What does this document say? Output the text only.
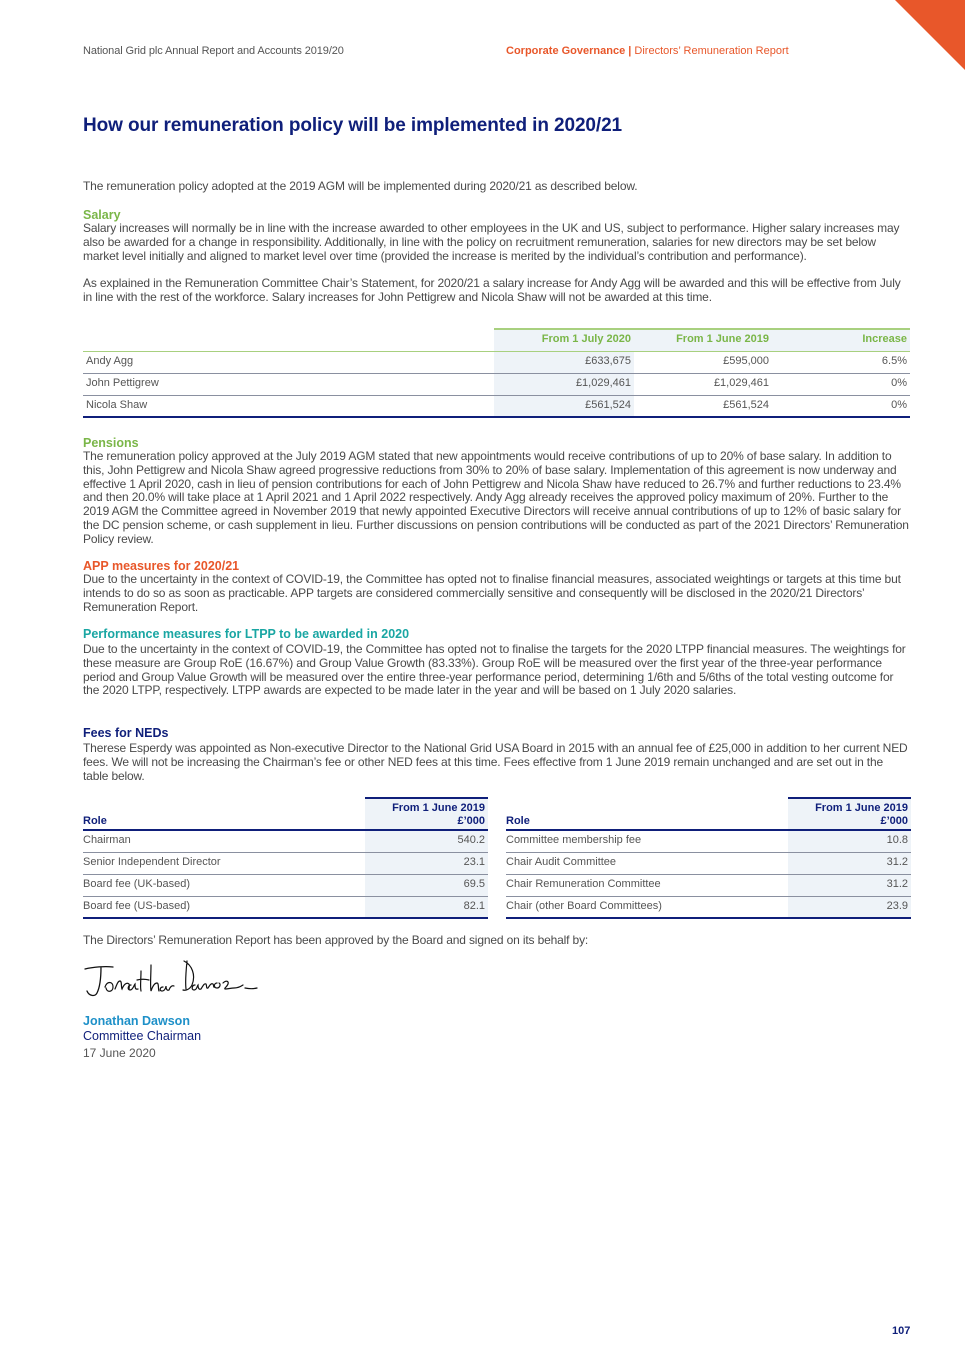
National Grid plc Annual Report and Accounts 2019/20	Corporate Governance | Directors’ Remuneration Report
How our remuneration policy will be implemented in 2020/21
The remuneration policy adopted at the 2019 AGM will be implemented during 2020/21 as described below.
Salary
Salary increases will normally be in line with the increase awarded to other employees in the UK and US, subject to performance. Higher salary increases may also be awarded for a change in responsibility. Additionally, in line with the policy on recruitment remuneration, salaries for new directors may be set below market level initially and aligned to market level over time (provided the increase is merited by the individual’s contribution and performance).
As explained in the Remuneration Committee Chair’s Statement, for 2020/21 a salary increase for Andy Agg will be awarded and this will be effective from July in line with the rest of the workforce. Salary increases for John Pettigrew and Nicola Shaw will not be awarded at this time.
	From 1 July 2020	From 1 June 2019	Increase
Andy Agg	£633,675	£595,000	6.5%
John Pettigrew	£1,029,461	£1,029,461	0%
Nicola Shaw	£561,524	£561,524	0%
Pensions
The remuneration policy approved at the July 2019 AGM stated that new appointments would receive contributions of up to 20% of base salary. In addition to this, John Pettigrew and Nicola Shaw agreed progressive reductions from 30% to 20% of base salary. Implementation of this agreement is now underway and effective 1 April 2020, cash in lieu of pension contributions for each of John Pettigrew and Nicola Shaw have reduced to 26.7% and further reductions to 23.4% and then 20.0% will take place at 1 April 2021 and 1 April 2022 respectively. Andy Agg already receives the approved policy maximum of 20%. Further to the 2019 AGM the Committee agreed in November 2019 that newly appointed Executive Directors will receive annual contributions of up to 12% of basic salary for the DC pension scheme, or cash supplement in lieu. Further discussions on pension contributions will be conducted as part of the 2021 Directors’ Remuneration Policy review.
APP measures for 2020/21
Due to the uncertainty in the context of COVID-19, the Committee has opted not to finalise financial measures, associated weightings or targets at this time but intends to do so as soon as practicable. APP targets are considered commercially sensitive and consequently will be disclosed in the 2020/21 Directors’ Remuneration Report.
Performance measures for LTPP to be awarded in 2020
Due to the uncertainty in the context of COVID-19, the Committee has opted not to finalise the targets for the 2020 LTPP financial measures. The weightings for these measure are Group RoE (16.67%) and Group Value Growth (83.33%). Group RoE will be measured over the first year of the three-year performance period and Group Value Growth will be measured over the entire three-year performance period, determining 1/6th and 5/6ths of the total vesting outcome for the 2020 LTPP, respectively. LTPP awards are expected to be made later in the year and will be based on 1 July 2020 salaries.
Fees for NEDs
Therese Esperdy was appointed as Non-executive Director to the National Grid USA Board in 2015 with an annual fee of £25,000 in addition to her current NED fees. We will not be increasing the Chairman’s fee or other NED fees at this time. Fees effective from 1 June 2019 remain unchanged and are set out in the table below.
Role	From 1 June 2019
£’000

Chairman	540.2
Senior Independent Director	23.1
Board fee (UK-based)	69.5
Board fee (US-based)	82.1
Role	From 1 June 2019
£’000

Committee membership fee	10.8
Chair Audit Committee	31.2
Chair Remuneration Committee	31.2
Chair (other Board Committees)	23.9
The Directors’ Remuneration Report has been approved by the Board and signed on its behalf by:
Jonathan Dawson
Committee Chairman
17 June 2020
107
